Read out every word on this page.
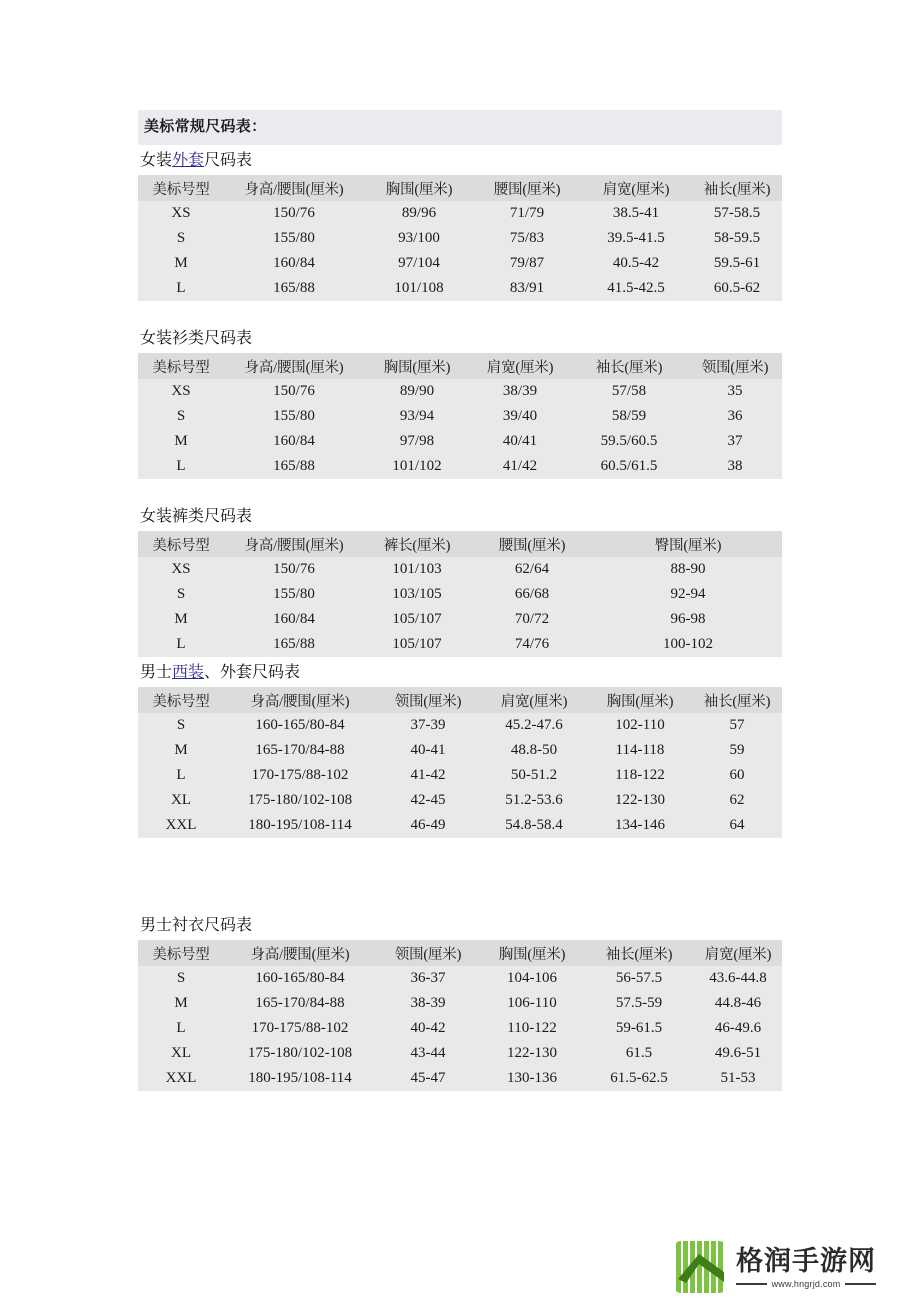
美标常规尺码表：
女装外套尺码表
美标号型	身高/腰围(厘米)	胸围(厘米)	腰围(厘米)	肩宽(厘米)	袖长(厘米)
XS	150/76	89/96	71/79	38.5-41	57-58.5
S	155/80	93/100	75/83	39.5-41.5	58-59.5
M	160/84	97/104	79/87	40.5-42	59.5-61
L	165/88	101/108	83/91	41.5-42.5	60.5-62
女装衫类尺码表
美标号型	身高/腰围(厘米)	胸围(厘米)	肩宽(厘米)	袖长(厘米)	领围(厘米)
XS	150/76	89/90	38/39	57/58	35
S	155/80	93/94	39/40	58/59	36
M	160/84	97/98	40/41	59.5/60.5	37
L	165/88	101/102	41/42	60.5/61.5	38
女装裤类尺码表
美标号型	身高/腰围(厘米)	裤长(厘米)	腰围(厘米)	臀围(厘米)
XS	150/76	101/103	62/64	88-90
S	155/80	103/105	66/68	92-94
M	160/84	105/107	70/72	96-98
L	165/88	105/107	74/76	100-102
男士西装、外套尺码表
美标号型	身高/腰围(厘米)	领围(厘米)	肩宽(厘米)	胸围(厘米)	袖长(厘米)
S	160-165/80-84	37-39	45.2-47.6	102-110	57
M	165-170/84-88	40-41	48.8-50	114-118	59
L	170-175/88-102	41-42	50-51.2	118-122	60
XL	175-180/102-108	42-45	51.2-53.6	122-130	62
XXL	180-195/108-114	46-49	54.8-58.4	134-146	64
男士衬衣尺码表
美标号型	身高/腰围(厘米)	领围(厘米)	胸围(厘米)	袖长(厘米)	肩宽(厘米)
S	160-165/80-84	36-37	104-106	56-57.5	43.6-44.8
M	165-170/84-88	38-39	106-110	57.5-59	44.8-46
L	170-175/88-102	40-42	110-122	59-61.5	46-49.6
XL	175-180/102-108	43-44	122-130	61.5	49.6-51
XXL	180-195/108-114	45-47	130-136	61.5-62.5	51-53
格润手游网
www.hngrjd.com
